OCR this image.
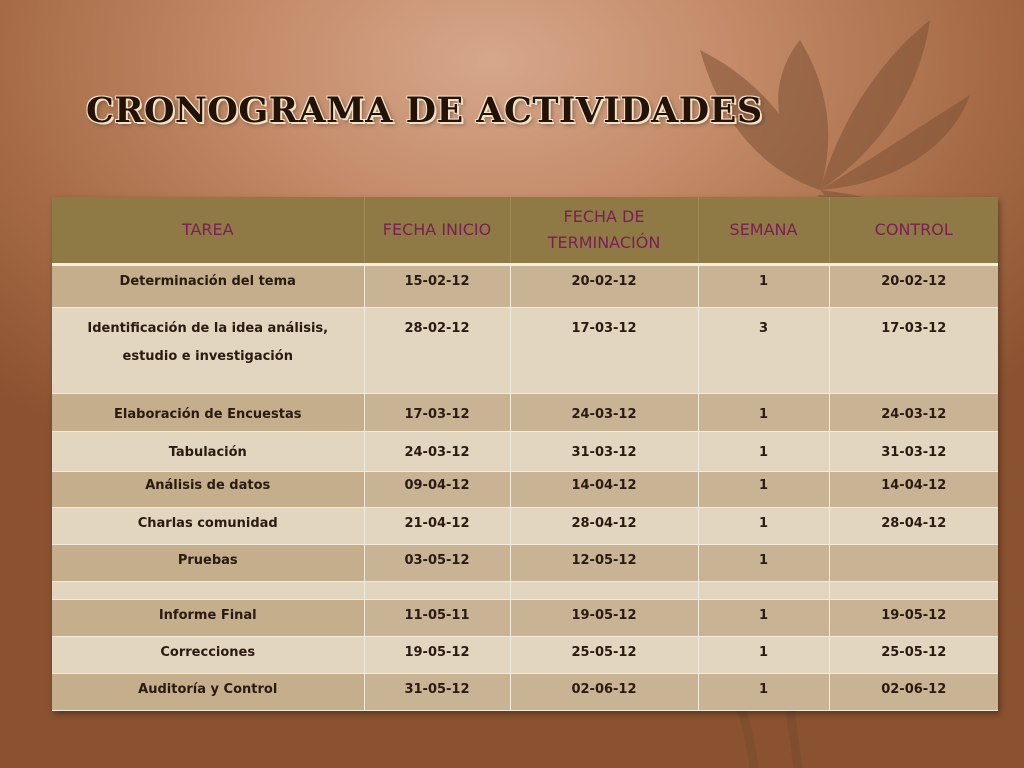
CRONOGRAMA DE ACTIVIDADES
TAREA	FECHA INICIO	FECHA DE TERMINACIÓN	SEMANA	CONTROL
Determinación del tema	15-02-12	20-02-12	1	20-02-12
Identificación de la idea análisis, estudio e investigación	28-02-12	17-03-12	3	17-03-12
Elaboración de Encuestas	17-03-12	24-03-12	1	24-03-12
Tabulación	24-03-12	31-03-12	1	31-03-12
Análisis de datos	09-04-12	14-04-12	1	14-04-12
Charlas comunidad	21-04-12	28-04-12	1	28-04-12
Pruebas	03-05-12	12-05-12	1	

Informe Final	11-05-11	19-05-12	1	19-05-12
Correcciones	19-05-12	25-05-12	1	25-05-12
Auditoría y Control	31-05-12	02-06-12	1	02-06-12
